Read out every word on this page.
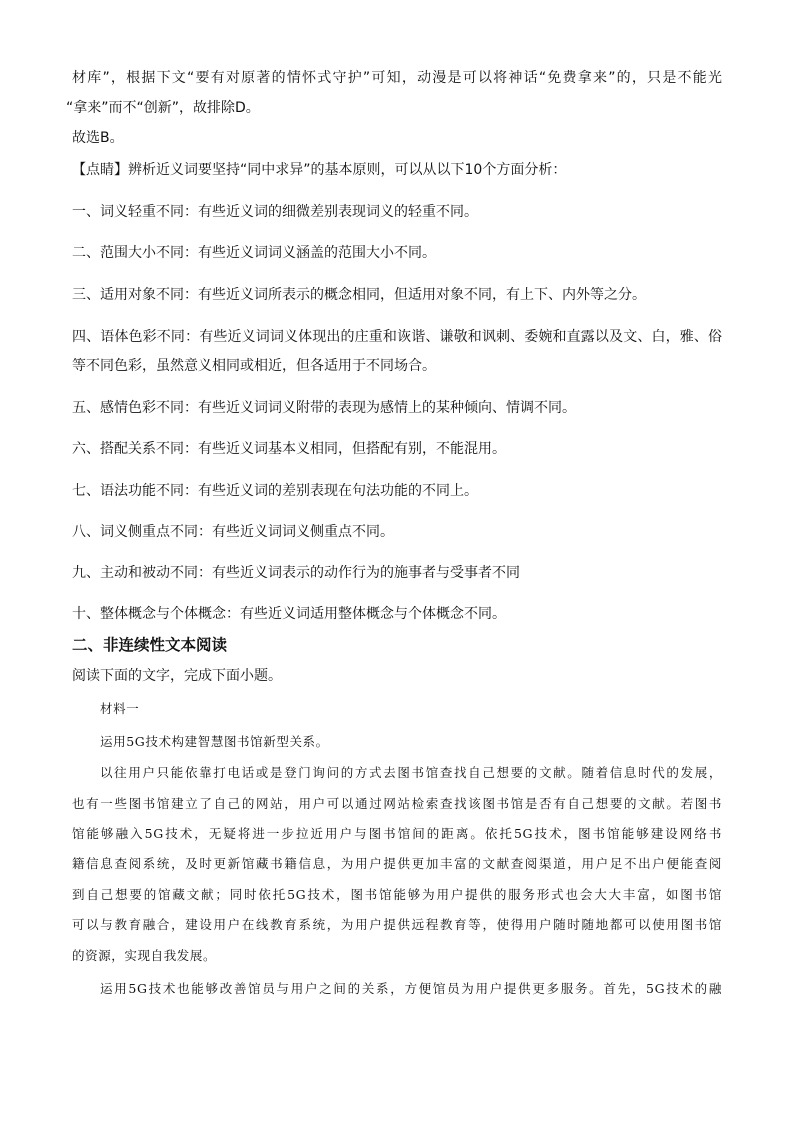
材库”，根据下文“要有对原著的情怀式守护”可知，动漫是可以将神话“免费拿来”的，只是不能光
“拿来”而不“创新”，故排除D。
故选B。
【点睛】辨析近义词要坚持“同中求异”的基本原则，可以从以下10个方面分析：
一、词义轻重不同：有些近义词的细微差别表现词义的轻重不同。
二、范围大小不同：有些近义词词义涵盖的范围大小不同。
三、适用对象不同：有些近义词所表示的概念相同，但适用对象不同，有上下、内外等之分。
四、语体色彩不同：有些近义词词义体现出的庄重和诙谐、谦敬和讽刺、委婉和直露以及文、白，雅、俗
等不同色彩，虽然意义相同或相近，但各适用于不同场合。
五、感情色彩不同：有些近义词词义附带的表现为感情上的某种倾向、情调不同。
六、搭配关系不同：有些近义词基本义相同，但搭配有别，不能混用。
七、语法功能不同：有些近义词的差别表现在句法功能的不同上。
八、词义侧重点不同：有些近义词词义侧重点不同。
九、主动和被动不同：有些近义词表示的动作行为的施事者与受事者不同
十、整体概念与个体概念：有些近义词适用整体概念与个体概念不同。
二、非连续性文本阅读
阅读下面的文字，完成下面小题。
材料一
运用5G技术构建智慧图书馆新型关系。
以往用户只能依靠打电话或是登门询问的方式去图书馆查找自己想要的文献。随着信息时代的发展，
也有一些图书馆建立了自己的网站，用户可以通过网站检索查找该图书馆是否有自己想要的文献。若图书
馆能够融入5G技术，无疑将进一步拉近用户与图书馆间的距离。依托5G技术，图书馆能够建设网络书
籍信息查阅系统，及时更新馆藏书籍信息，为用户提供更加丰富的文献查阅渠道，用户足不出户便能查阅
到自己想要的馆藏文献；同时依托5G技术，图书馆能够为用户提供的服务形式也会大大丰富，如图书馆
可以与教育融合，建设用户在线教育系统，为用户提供远程教育等，使得用户随时随地都可以使用图书馆
的资源，实现自我发展。
运用5G技术也能够改善馆员与用户之间的关系，方便馆员为用户提供更多服务。首先，5G技术的融
